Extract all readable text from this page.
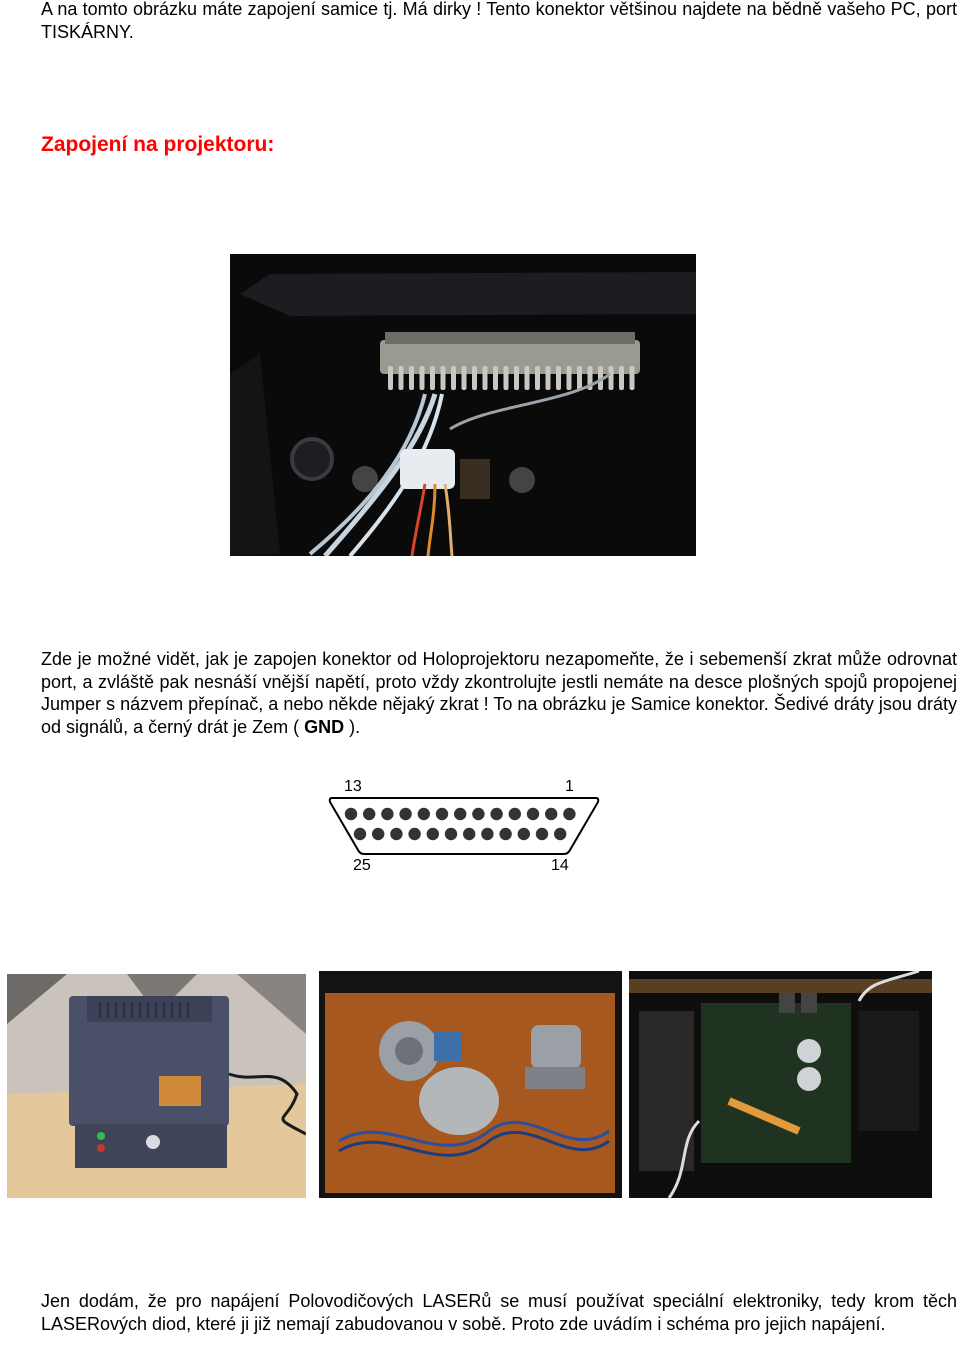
A na tomto obrázku máte zapojení samice tj. Má dirky ! Tento konektor většinou najdete na bědně vašeho PC, port TISKÁRNY.

Zapojení na projektoru:

Zde je možné vidět, jak je zapojen konektor od Holoprojektoru nezapomeňte, že i sebemenší zkrat může odrovnat port, a zvláště pak nesnáší vnější napětí, proto vždy zkontrolujte jestli nemáte na desce plošných spojů propojenej Jumper s názvem přepínač, a nebo někde nějaký zkrat ! To na obrázku je Samice konektor. Šedivé dráty jsou dráty od signálů, a černý drát je Zem ( GND ).

13	1
25	14

Jen dodám, že pro napájení Polovodičových LASERů se musí používat speciální elektroniky, tedy krom těch LASERových diod, které ji již nemají zabudovanou v sobě. Proto zde uvádím i schéma pro jejich napájení.
